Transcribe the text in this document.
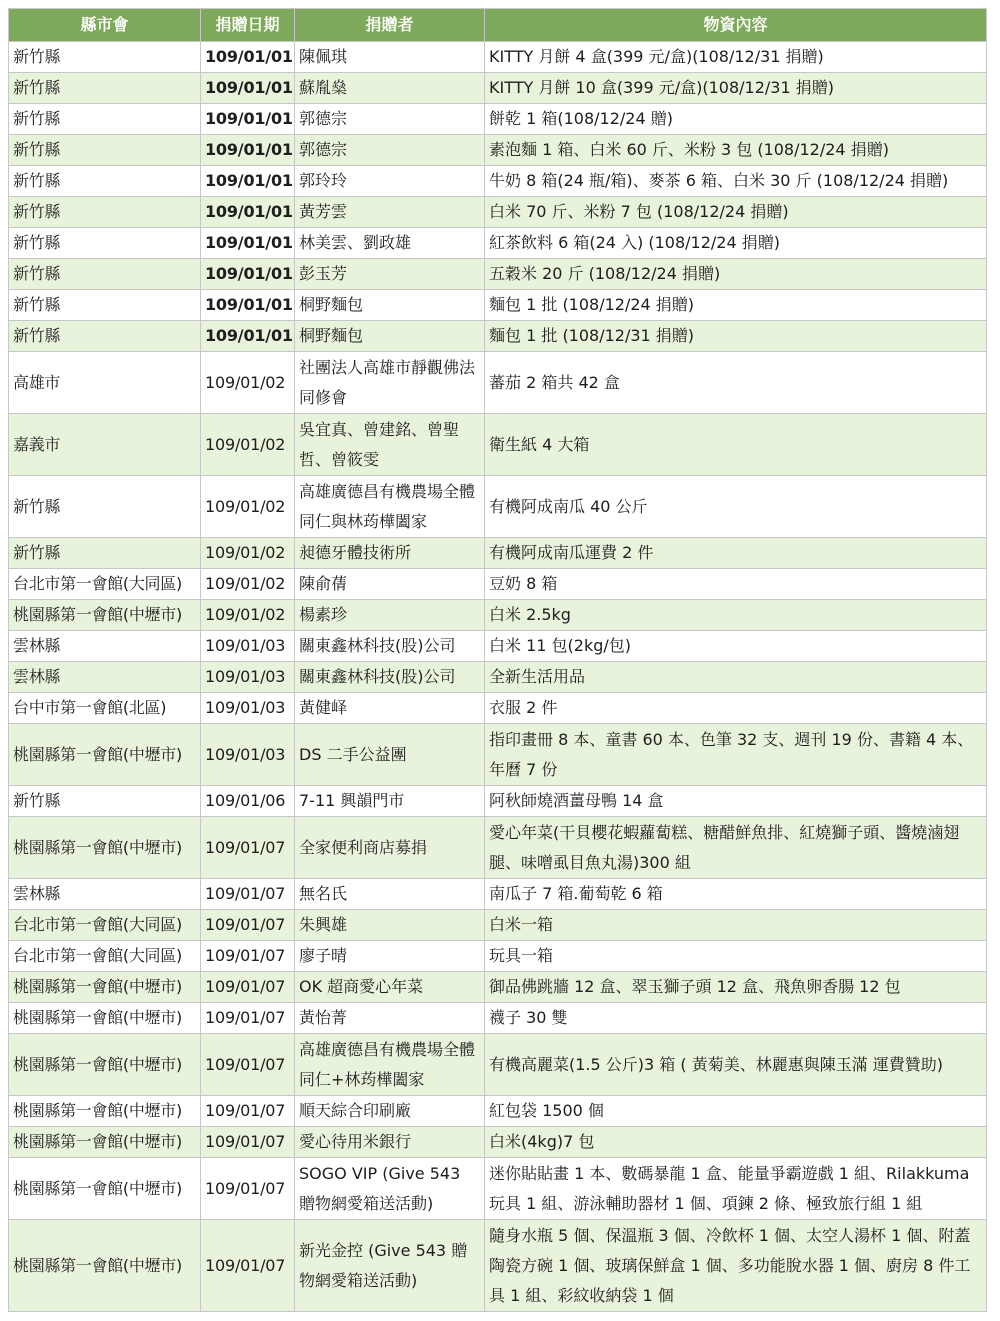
縣市會	捐贈日期	捐贈者	物資內容
新竹縣	109/01/01	陳佩琪	KITTY 月餅 4 盒(399 元/盒)(108/12/31 捐贈)
新竹縣	109/01/01	蘇胤燊	KITTY 月餅 10 盒(399 元/盒)(108/12/31 捐贈)
新竹縣	109/01/01	郭德宗	餅乾 1 箱(108/12/24 贈)
新竹縣	109/01/01	郭德宗	素泡麵 1 箱、白米 60 斤、米粉 3 包 (108/12/24 捐贈)
新竹縣	109/01/01	郭玲玲	牛奶 8 箱(24 瓶/箱)、麥茶 6 箱、白米 30 斤 (108/12/24 捐贈)
新竹縣	109/01/01	黃芳雲	白米 70 斤、米粉 7 包 (108/12/24 捐贈)
新竹縣	109/01/01	林美雲、劉政雄	紅茶飲料 6 箱(24 入) (108/12/24 捐贈)
新竹縣	109/01/01	彭玉芳	五穀米 20 斤 (108/12/24 捐贈)
新竹縣	109/01/01	桐野麵包	麵包 1 批 (108/12/24 捐贈)
新竹縣	109/01/01	桐野麵包	麵包 1 批 (108/12/31 捐贈)
高雄市	109/01/02	社團法人高雄市靜觀佛法同修會	蕃茄 2 箱共 42 盒
嘉義市	109/01/02	吳宜真、曾建銘、曾聖哲、曾筱雯	衛生紙 4 大箱
新竹縣	109/01/02	高雄廣德昌有機農場全體同仁與林荺樺闔家	有機阿成南瓜 40 公斤
新竹縣	109/01/02	昶德牙體技術所	有機阿成南瓜運費 2 件
台北市第一會館(大同區)	109/01/02	陳俞蒨	豆奶 8 箱
桃園縣第一會館(中壢市)	109/01/02	楊素珍	白米 2.5kg
雲林縣	109/01/03	關東鑫林科技(股)公司	白米 11 包(2kg/包)
雲林縣	109/01/03	關東鑫林科技(股)公司	全新生活用品
台中市第一會館(北區)	109/01/03	黃健峄	衣服 2 件
桃園縣第一會館(中壢市)	109/01/03	DS 二手公益團	指印畫冊 8 本、童書 60 本、色筆 32 支、週刊 19 份、書籍 4 本、年曆 7 份
新竹縣	109/01/06	7-11 興韻門市	阿秋師燒酒薑母鴨 14 盒
桃園縣第一會館(中壢市)	109/01/07	全家便利商店募捐	愛心年菜(干貝櫻花蝦蘿蔔糕、糖醋鮮魚排、紅燒獅子頭、醬燒滷翅腿、味噌虱目魚丸湯)300 組
雲林縣	109/01/07	無名氏	南瓜子 7 箱.葡萄乾 6 箱
台北市第一會館(大同區)	109/01/07	朱興雄	白米一箱
台北市第一會館(大同區)	109/01/07	廖子晴	玩具一箱
桃園縣第一會館(中壢市)	109/01/07	OK 超商愛心年菜	御品佛跳牆 12 盒、翠玉獅子頭 12 盒、飛魚卵香腸 12 包
桃園縣第一會館(中壢市)	109/01/07	黃怡菁	襪子 30 雙
桃園縣第一會館(中壢市)	109/01/07	高雄廣德昌有機農場全體同仁+林荺樺闔家	有機高麗菜(1.5 公斤)3 箱 ( 黃菊美、林麗惠與陳玉滿 運費贊助)
桃園縣第一會館(中壢市)	109/01/07	順天綜合印刷廠	紅包袋 1500 個
桃園縣第一會館(中壢市)	109/01/07	愛心待用米銀行	白米(4kg)7 包
桃園縣第一會館(中壢市)	109/01/07	SOGO VIP (Give 543 贈物網愛箱送活動)	迷你貼貼畫 1 本、數碼暴龍 1 盒、能量爭霸遊戲 1 組、Rilakkuma 玩具 1 組、游泳輔助器材 1 個、項鍊 2 條、極致旅行組 1 組
桃園縣第一會館(中壢市)	109/01/07	新光金控 (Give 543 贈物網愛箱送活動)	隨身水瓶 5 個、保溫瓶 3 個、冷飲杯 1 個、太空人湯杯 1 個、附蓋陶瓷方碗 1 個、玻璃保鮮盒 1 個、多功能脫水器 1 個、廚房 8 件工具 1 組、彩紋收納袋 1 個
